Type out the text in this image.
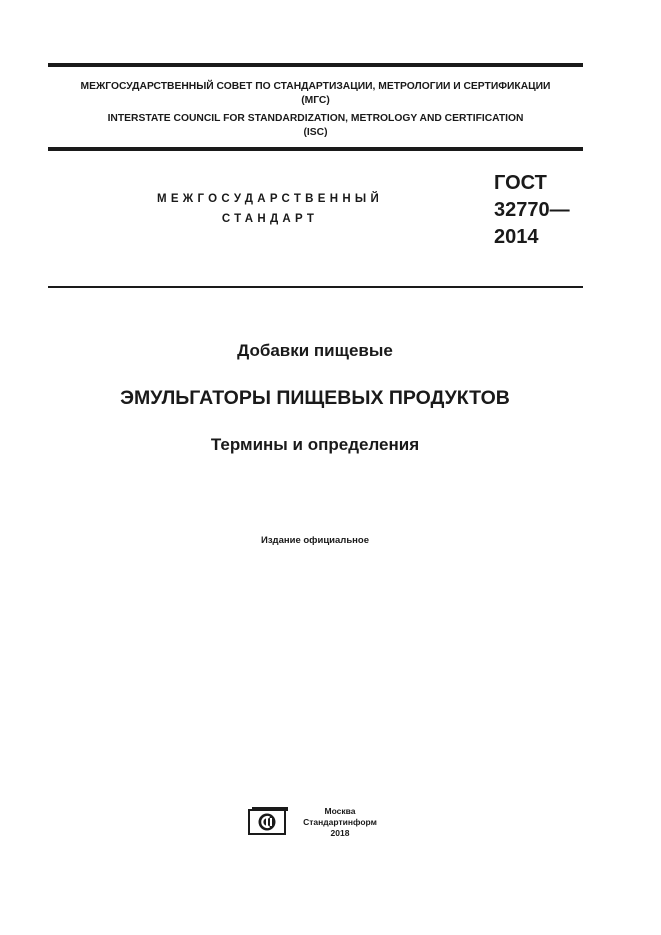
МЕЖГОСУДАРСТВЕННЫЙ СОВЕТ ПО СТАНДАРТИЗАЦИИ, МЕТРОЛОГИИ И СЕРТИФИКАЦИИ
(МГС)
INTERSTATE COUNCIL FOR STANDARDIZATION, METROLOGY AND CERTIFICATION
(ISC)
МЕЖГОСУДАРСТВЕННЫЙ
СТАНДАРТ
ГОСТ
32770—
2014
Добавки пищевые
ЭМУЛЬГАТОРЫ ПИЩЕВЫХ ПРОДУКТОВ
Термины и определения
Издание официальное
Москва
Стандартинформ
2018
